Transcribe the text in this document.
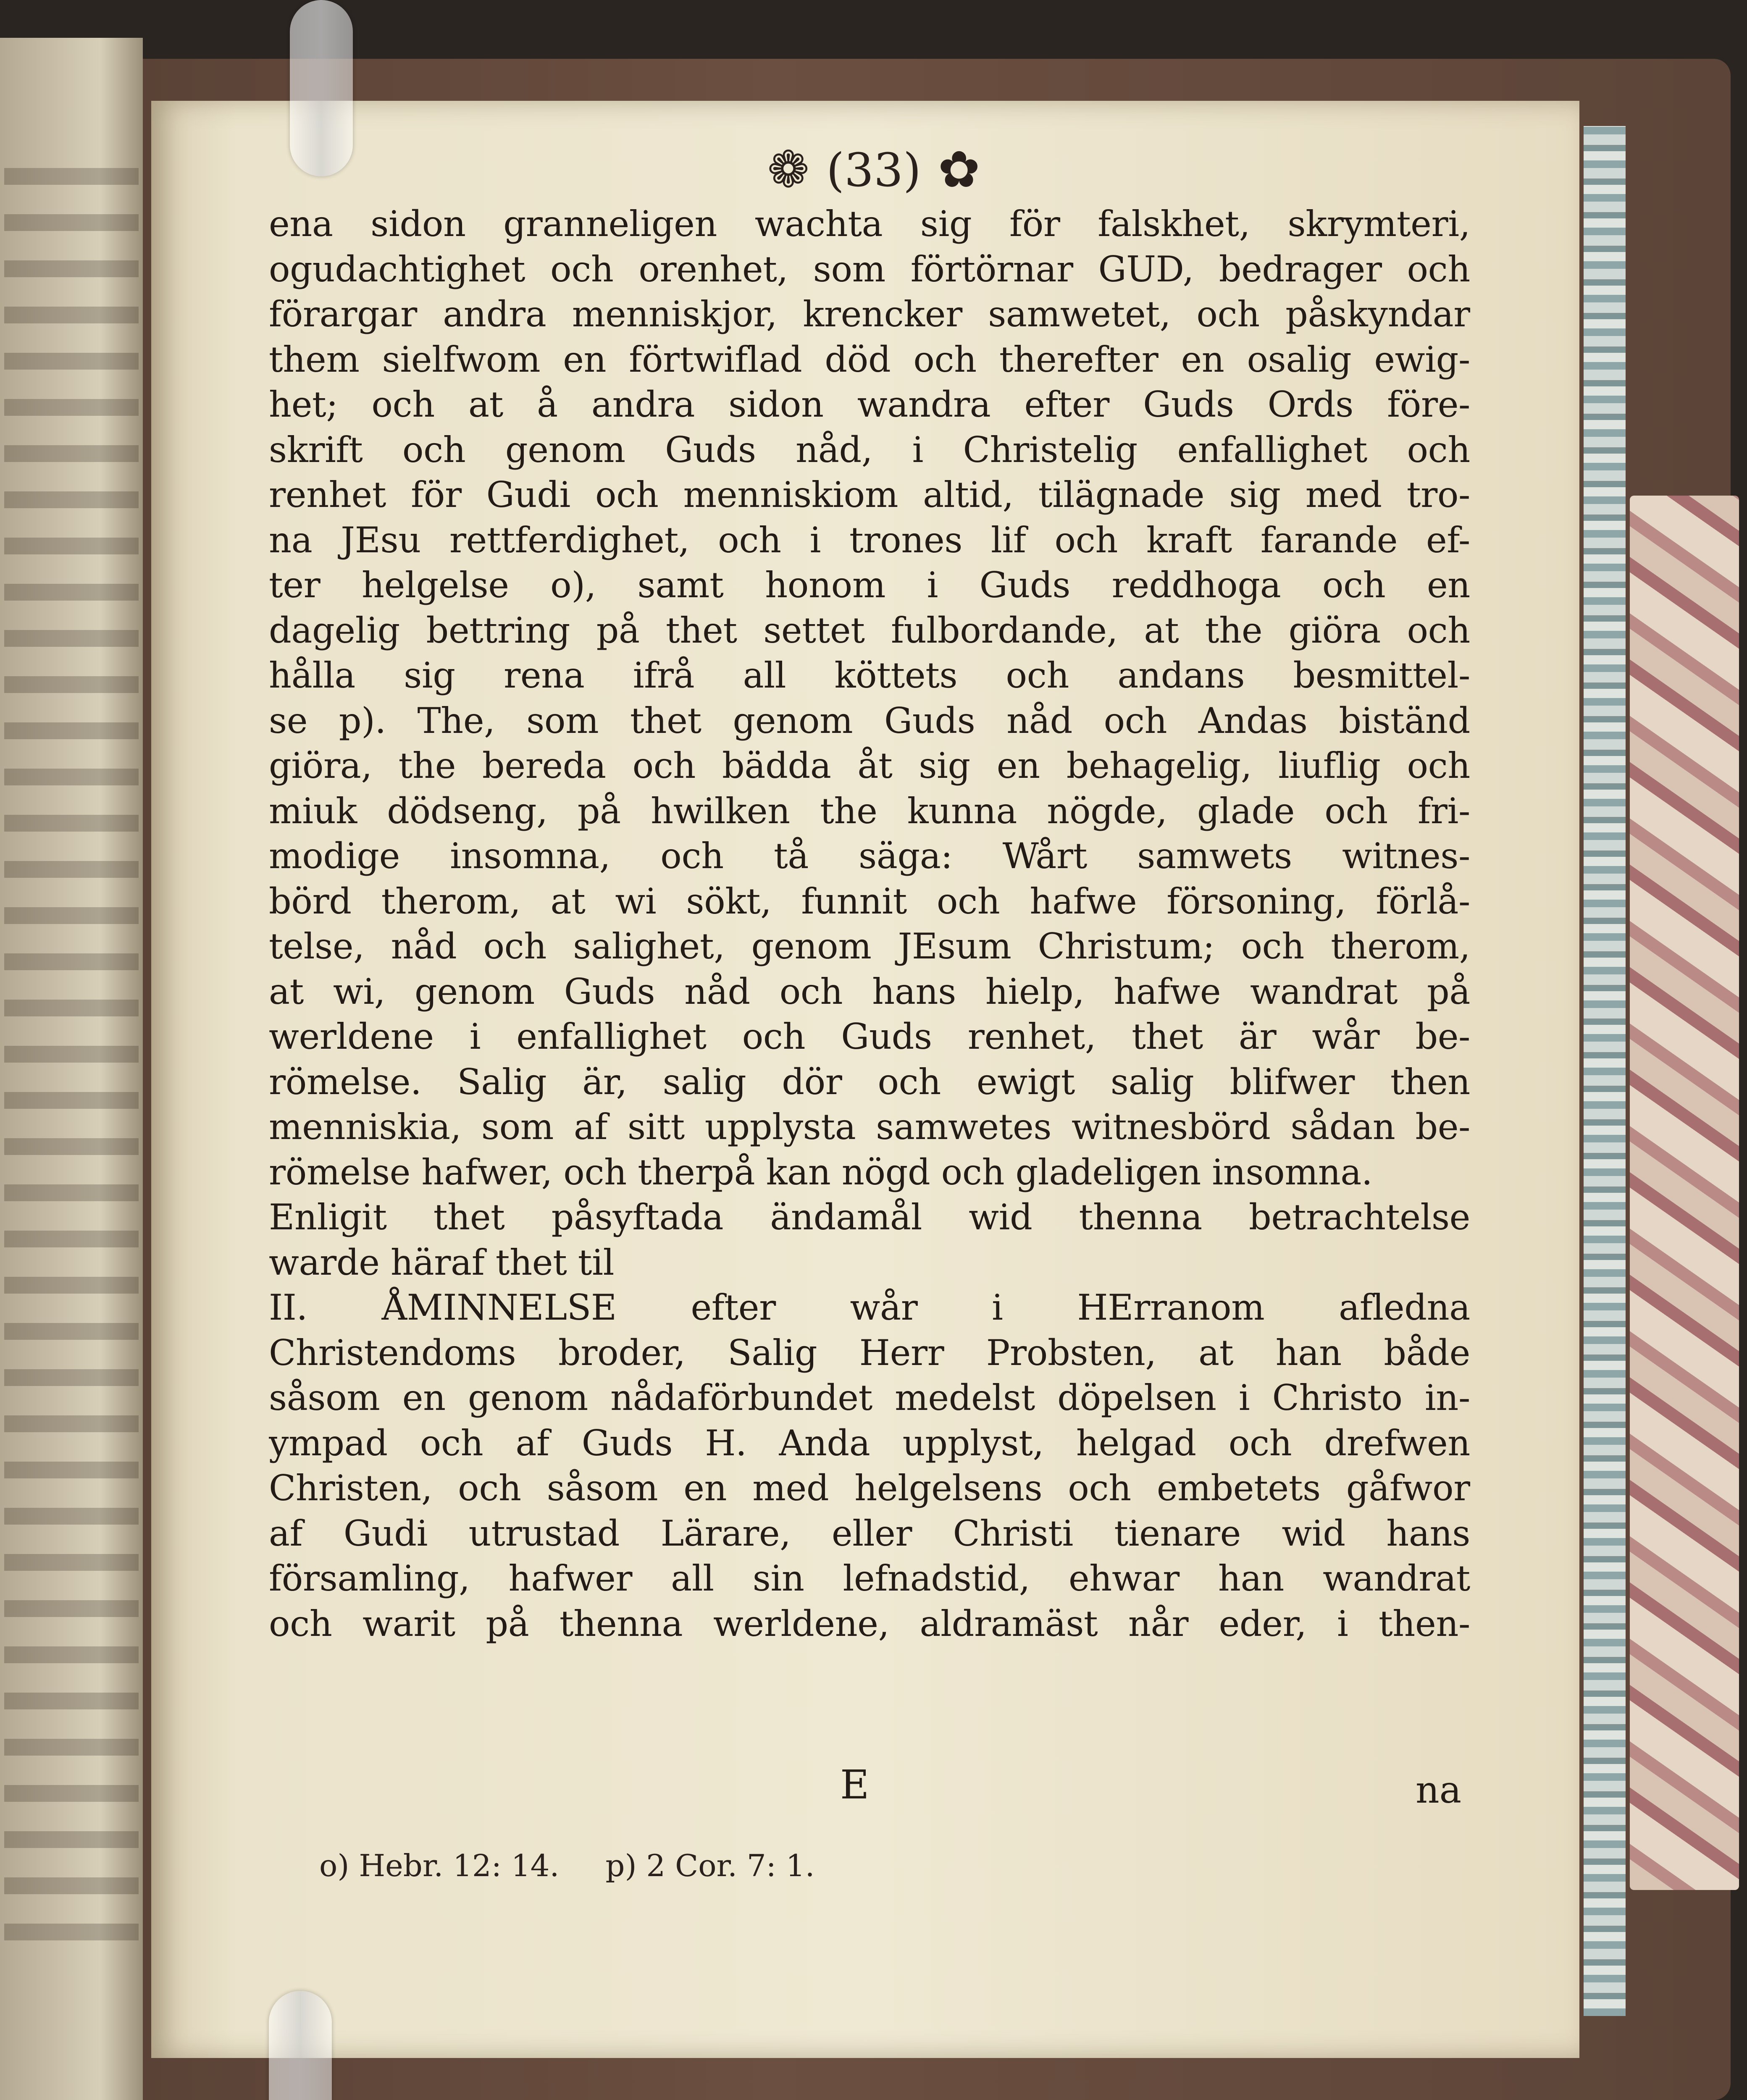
❁ (33) ✿
ena sidon granneligen wachta sig för falskhet, skrymteri,
ogudachtighet och orenhet, som förtörnar GUD, bedrager och
förargar andra menniskjor, krencker samwetet, och påskyndar
them sielfwom en förtwiflad död och therefter en osalig ewig-
het; och at å andra sidon wandra efter Guds Ords före-
skrift och genom Guds nåd, i Christelig enfallighet och
renhet för Gudi och menniskiom altid, tilägnade sig med tro-
na JEsu rettferdighet, och i trones lif och kraft farande ef-
ter helgelse o), samt honom i Guds reddhoga och en
dagelig bettring på thet settet fulbordande, at the giöra och
hålla sig rena ifrå all köttets och andans besmittel-
se p). The, som thet genom Guds nåd och Andas biständ
giöra, the bereda och bädda åt sig en behagelig, liuflig och
miuk dödseng, på hwilken the kunna nögde, glade och fri-
modige insomna, och tå säga: Wårt samwets witnes-
börd therom, at wi sökt, funnit och hafwe försoning, förlå-
telse, nåd och salighet, genom JEsum Christum; och therom,
at wi, genom Guds nåd och hans hielp, hafwe wandrat på
werldene i enfallighet och Guds renhet, thet är wår be-
römelse. Salig är, salig dör och ewigt salig blifwer then
menniskia, som af sitt upplysta samwetes witnesbörd sådan be-
römelse hafwer, och therpå kan nögd och gladeligen insomna.
Enligit thet påsyftada ändamål wid thenna betrachtelse
warde häraf thet til
II. ÅMINNELSE efter wår i HErranom afledna
Christendoms broder, Salig Herr Probsten, at han både
såsom en genom nådaförbundet medelst döpelsen i Christo in-
ympad och af Guds H. Anda upplyst, helgad och drefwen
Christen, och såsom en med helgelsens och embetets gåfwor
af Gudi utrustad Lärare, eller Christi tienare wid hans
församling, hafwer all sin lefnadstid, ehwar han wandrat
och warit på thenna werldene, aldramäst når eder, i then-
E	na
o) Hebr. 12: 14. p) 2 Cor. 7: 1.
